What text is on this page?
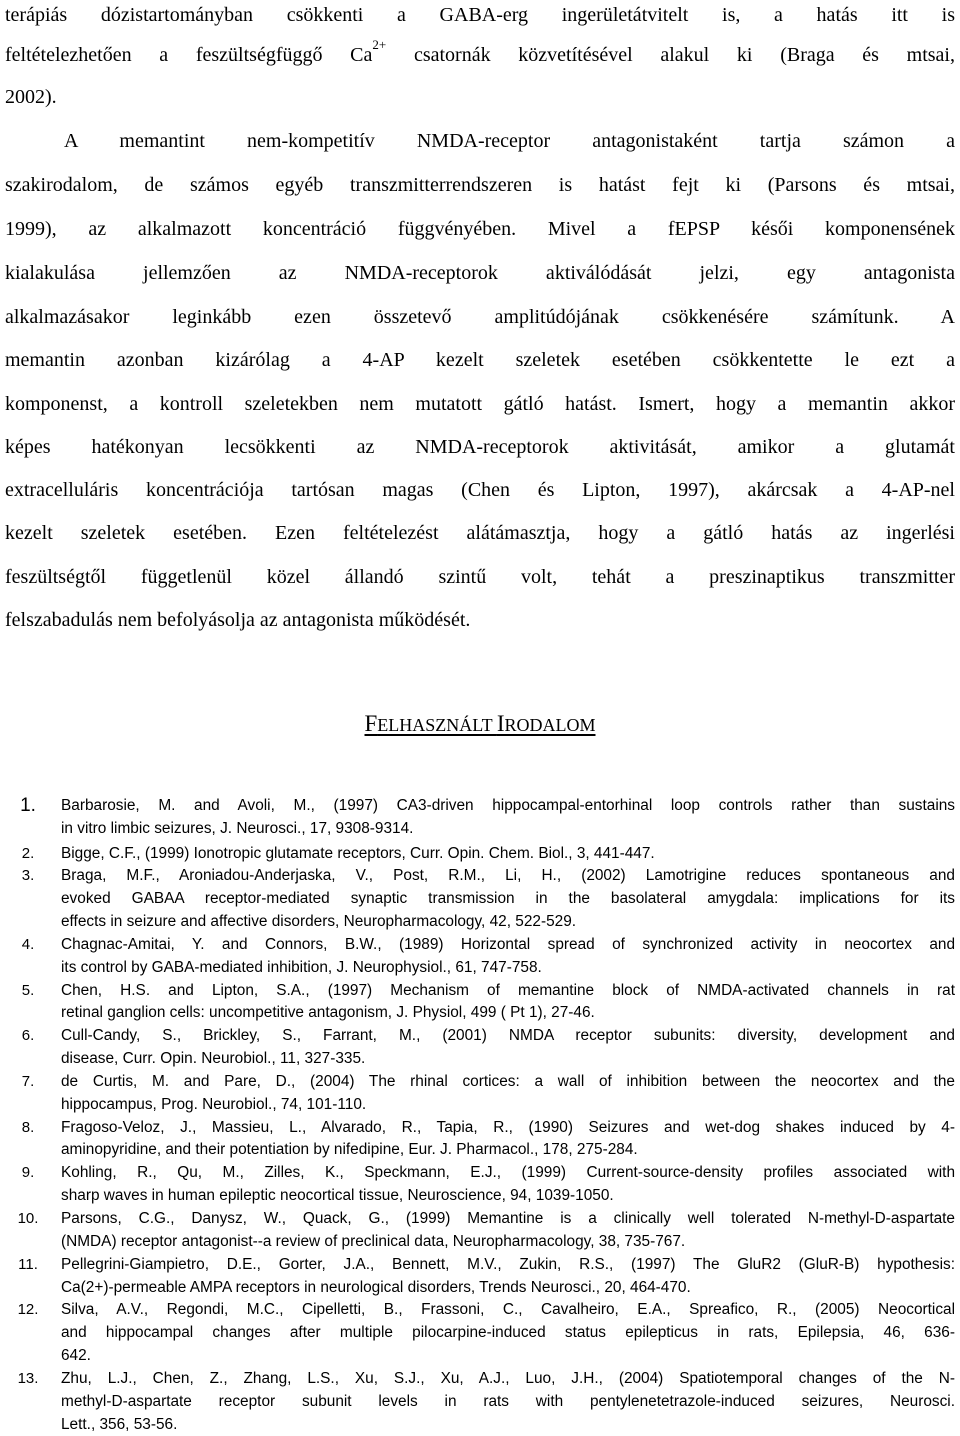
terápiás dózistartományban csökkenti a GABA-erg ingerületátvitelt is, a hatás itt is
feltételezhetően a feszültségfüggő $Ca^{2+}$ csatornák közvetítésével alakul ki (Braga és mtsai,
2002).
A memantint nem-kompetitív NMDA-receptor antagonistaként tartja számon a
szakirodalom, de számos egyéb transzmitterrendszeren is hatást fejt ki (Parsons és mtsai,
1999), az alkalmazott koncentráció függvényében. Mivel a fEPSP késői komponensének
kialakulása jellemzően az NMDA-receptorok aktiválódását jelzi, egy antagonista
alkalmazásakor leginkább ezen összetevő amplitúdójának csökkenésére számítunk. A
memantin azonban kizárólag a 4-AP kezelt szeletek esetében csökkentette le ezt a
komponenst, a kontroll szeletekben nem mutatott gátló hatást. Ismert, hogy a memantin akkor
képes hatékonyan lecsökkenti az NMDA-receptorok aktivitását, amikor a glutamát
extracelluláris koncentrációja tartósan magas (Chen és Lipton, 1997), akárcsak a 4-AP-nel
kezelt szeletek esetében. Ezen feltételezést alátámasztja, hogy a gátló hatás az ingerlési
feszültségtől függetlenül közel állandó szintű volt, tehát a preszinaptikus transzmitter
felszabadulás nem befolyásolja az antagonista működését.
FELHASZNÁLT IRODALOM
1.	Barbarosie, M. and Avoli, M., (1997) CA3-driven hippocampal-entorhinal loop controls rather than sustains
in vitro limbic seizures, J. Neurosci., 17, 9308-9314.
2.	Bigge, C.F., (1999) Ionotropic glutamate receptors, Curr. Opin. Chem. Biol., 3, 441-447.
3.	Braga, M.F., Aroniadou-Anderjaska, V., Post, R.M., Li, H., (2002) Lamotrigine reduces spontaneous and
evoked GABAA receptor-mediated synaptic transmission in the basolateral amygdala: implications for its
effects in seizure and affective disorders, Neuropharmacology, 42, 522-529.
4.	Chagnac-Amitai, Y. and Connors, B.W., (1989) Horizontal spread of synchronized activity in neocortex and
its control by GABA-mediated inhibition, J. Neurophysiol., 61, 747-758.
5.	Chen, H.S. and Lipton, S.A., (1997) Mechanism of memantine block of NMDA-activated channels in rat
retinal ganglion cells: uncompetitive antagonism, J. Physiol, 499 ( Pt 1), 27-46.
6.	Cull-Candy, S., Brickley, S., Farrant, M., (2001) NMDA receptor subunits: diversity, development and
disease, Curr. Opin. Neurobiol., 11, 327-335.
7.	de Curtis, M. and Pare, D., (2004) The rhinal cortices: a wall of inhibition between the neocortex and the
hippocampus, Prog. Neurobiol., 74, 101-110.
8.	Fragoso-Veloz, J., Massieu, L., Alvarado, R., Tapia, R., (1990) Seizures and wet-dog shakes induced by 4-
aminopyridine, and their potentiation by nifedipine, Eur. J. Pharmacol., 178, 275-284.
9.	Kohling, R., Qu, M., Zilles, K., Speckmann, E.J., (1999) Current-source-density profiles associated with
sharp waves in human epileptic neocortical tissue, Neuroscience, 94, 1039-1050.
10. Parsons, C.G., Danysz, W., Quack, G., (1999) Memantine is a clinically well tolerated N-methyl-D-aspartate
(NMDA) receptor antagonist--a review of preclinical data, Neuropharmacology, 38, 735-767.
11.	Pellegrini-Giampietro, D.E., Gorter, J.A., Bennett, M.V., Zukin, R.S., (1997) The GluR2 (GluR-B) hypothesis:
Ca(2+)-permeable AMPA receptors in neurological disorders, Trends Neurosci., 20, 464-470.
12. Silva, A.V., Regondi, M.C., Cipelletti, B., Frassoni, C., Cavalheiro, E.A., Spreafico, R., (2005) Neocortical
and hippocampal changes after multiple pilocarpine-induced status epilepticus in rats, Epilepsia, 46, 636-
642.
13. Zhu, L.J., Chen, Z., Zhang, L.S., Xu, S.J., Xu, A.J., Luo, J.H., (2004) Spatiotemporal changes of the N-
methyl-D-aspartate receptor subunit levels in rats with pentylenetetrazole-induced seizures, Neurosci.
Lett., 356, 53-56.
